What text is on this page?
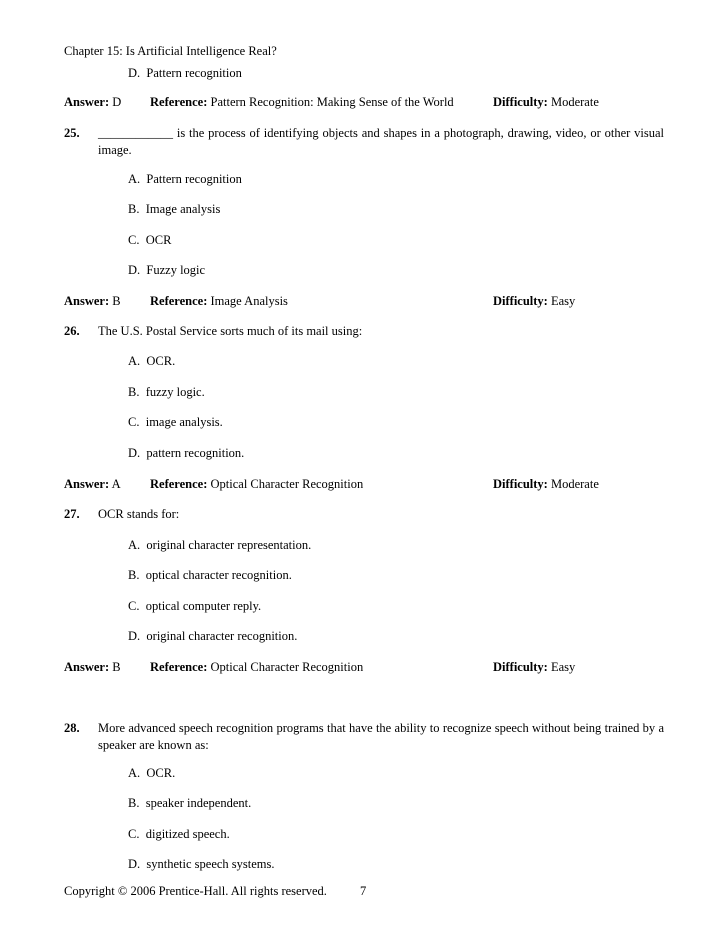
Chapter 15: Is Artificial Intelligence Real?
D. Pattern recognition
Answer: D Reference: Pattern Recognition: Making Sense of the World	Difficulty: Moderate
25. ____________ is the process of identifying objects and shapes in a photograph, drawing, video, or other visual image.
A. Pattern recognition
B. Image analysis
C. OCR
D. Fuzzy logic
Answer: B Reference: Image Analysis	Difficulty: Easy
26. The U.S. Postal Service sorts much of its mail using:
A. OCR.
B. fuzzy logic.
C. image analysis.
D. pattern recognition.
Answer: A Reference: Optical Character Recognition	Difficulty: Moderate
27. OCR stands for:
A. original character representation.
B. optical character recognition.
C. optical computer reply.
D. original character recognition.
Answer: B Reference: Optical Character Recognition	Difficulty: Easy
28. More advanced speech recognition programs that have the ability to recognize speech without being trained by a speaker are known as:
A. OCR.
B. speaker independent.
C. digitized speech.
D. synthetic speech systems.
Copyright © 2006 Prentice-Hall. All rights reserved.	7
